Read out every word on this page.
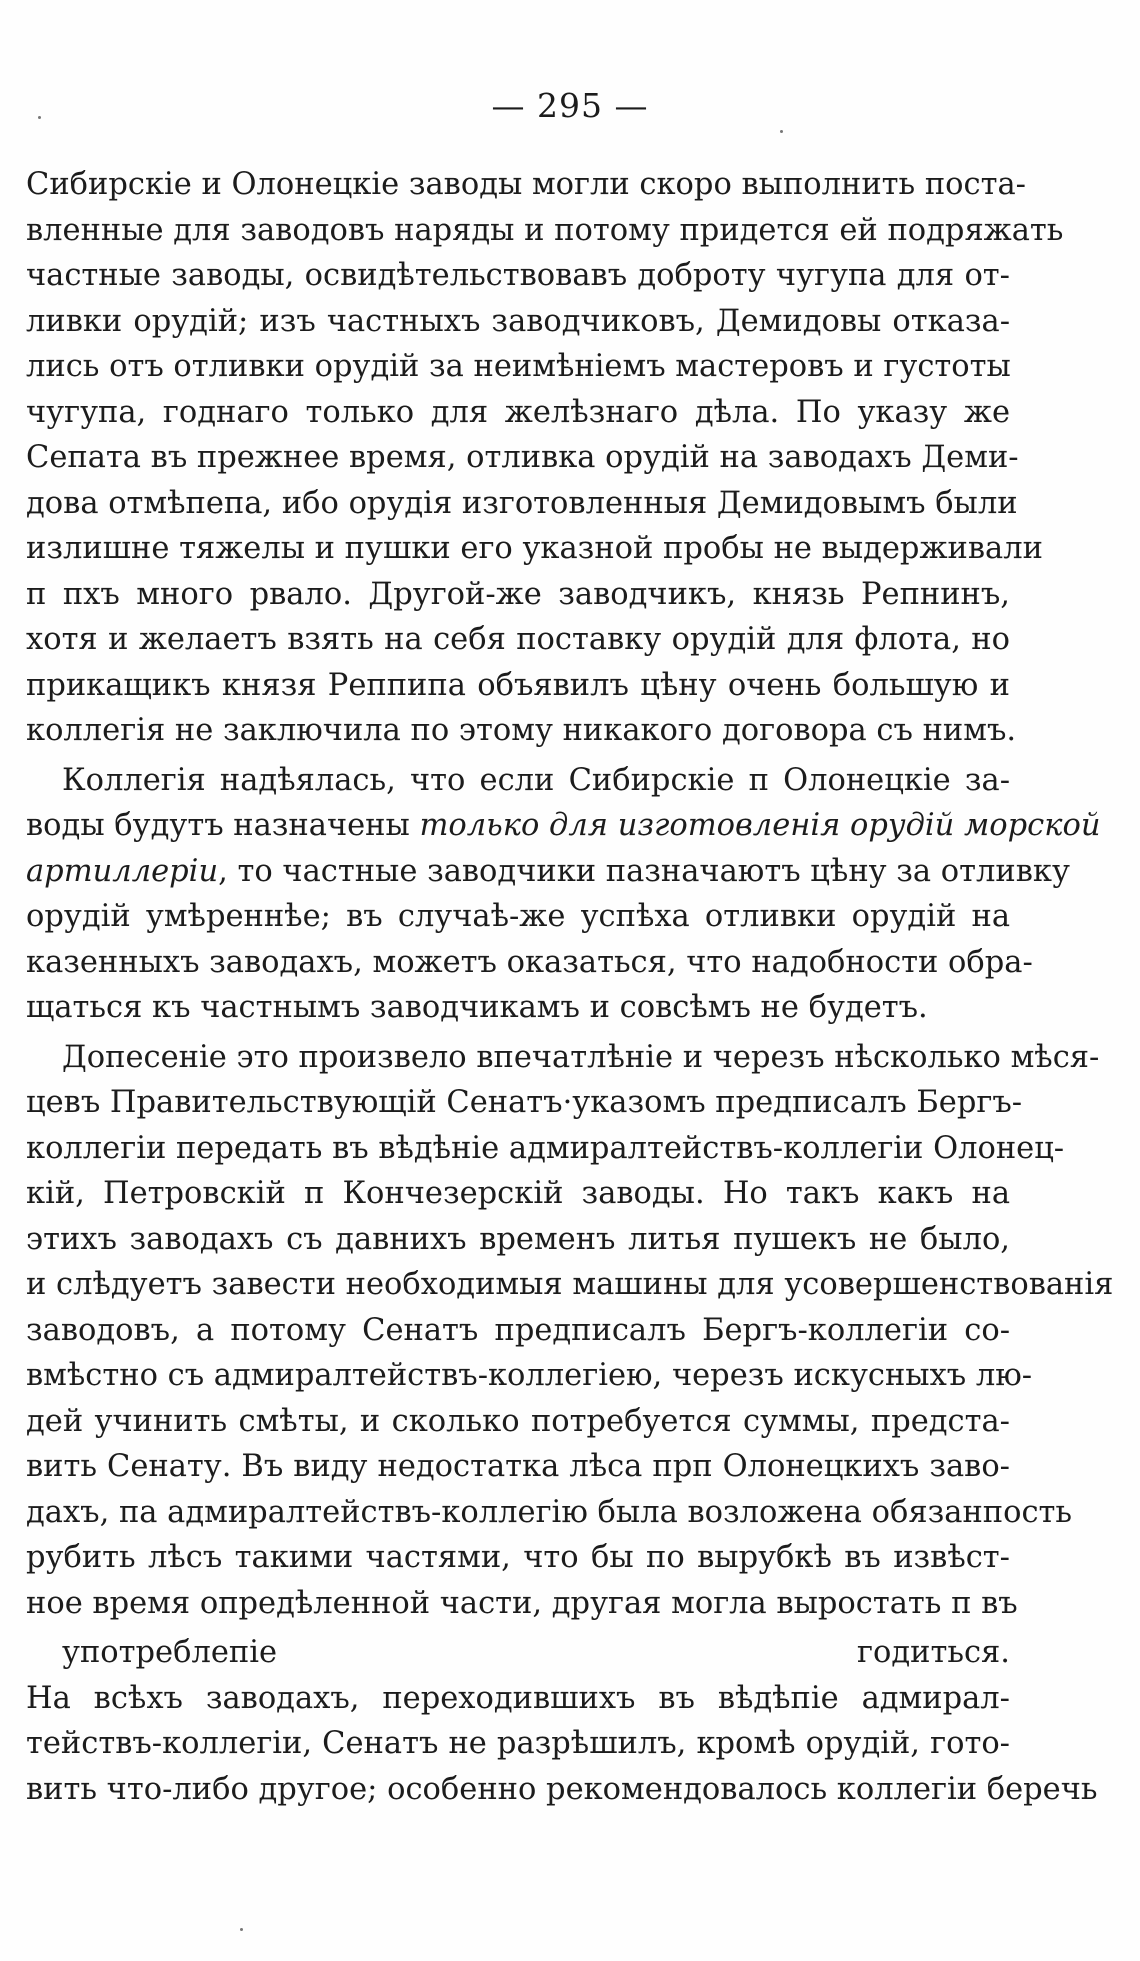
— 295 —
Сибирскіе и Олонецкіе заводы могли скоро выполнить поста-
вленные для заводовъ наряды и потому придется ей подряжать
частные заводы, освидѣтельствовавъ доброту чугупа для от-
ливки орудій; изъ частныхъ заводчиковъ, Демидовы отказа-
лись отъ отливки орудій за неимѣніемъ мастеровъ и густоты
чугупа, годнаго только для желѣзнаго дѣла. По указу же
Сепата въ прежнее время, отливка орудій на заводахъ Деми-
дова отмѣпепа, ибо орудія изготовленныя Демидовымъ были
излишне тяжелы и пушки его указной пробы не выдерживали
п пхъ много рвало. Другой-же заводчикъ, князь Репнинъ,
хотя и желаетъ взять на себя поставку орудій для флота, но
прикащикъ князя Реппипа объявилъ цѣну очень большую и
коллегія не заключила по этому никакого договора съ нимъ.
Коллегія надѣялась, что если Сибирскіе п Олонецкіе за-
воды будутъ назначены только для изготовленія орудій морской
артиллеріи, то частные заводчики пазначаютъ цѣну за отливку
орудій умѣреннѣе; въ случаѣ-же успѣха отливки орудій на
казенныхъ заводахъ, можетъ оказаться, что надобности обра-
щаться къ частнымъ заводчикамъ и совсѣмъ не будетъ.
Допесеніе это произвело впечатлѣніе и черезъ нѣсколько мѣся-
цевъ Правительствующій Сенатъ·указомъ предписалъ Бергъ-
коллегіи передать въ вѣдѣніе адмиралтействъ-коллегіи Олонец-
кій, Петровскій п Кончезерскій заводы. Но такъ какъ на
этихъ заводахъ съ давнихъ временъ литья пушекъ не было,
и слѣдуетъ завести необходимыя машины для усовершенствованія
заводовъ, а потому Сенатъ предписалъ Бергъ-коллегіи со-
вмѣстно съ адмиралтействъ-коллегіею, черезъ искусныхъ лю-
дей учинить смѣты, и сколько потребуется суммы, предста-
вить Сенату. Въ виду недостатка лѣса прп Олонецкихъ заво-
дахъ, па адмиралтействъ-коллегію была возложена обязанпость
рубить лѣсъ такими частями, что бы по вырубкѣ въ извѣст-
ное время опредѣленной части, другая могла выростать п въ
употреблепіе годиться.
На всѣхъ заводахъ, переходившихъ въ вѣдѣпіе адмирал-
тействъ-коллегіи, Сенатъ не разрѣшилъ, кромѣ орудій, гото-
вить что-либо другое; особенно рекомендовалось коллегіи беречь
